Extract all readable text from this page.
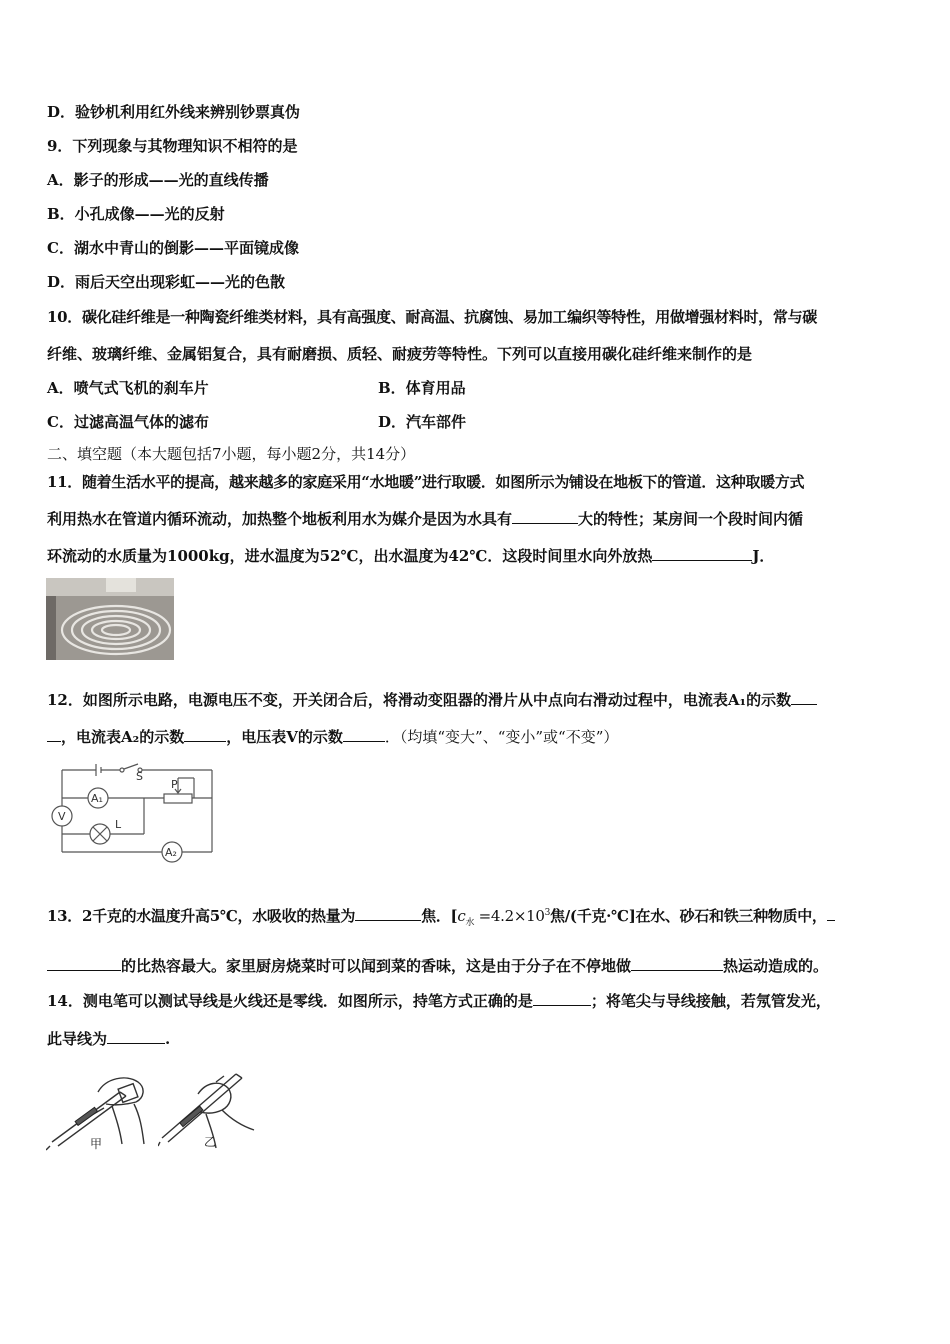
D．验钞机利用红外线来辨别钞票真伪
9．下列现象与其物理知识不相符的是
A．影子的形成——光的直线传播
B．小孔成像——光的反射
C．湖水中青山的倒影——平面镜成像
D．雨后天空出现彩虹——光的色散
10．碳化硅纤维是一种陶瓷纤维类材料，具有高强度、耐高温、抗腐蚀、易加工编织等特性，用做增强材料时，常与碳
纤维、玻璃纤维、金属铝复合，具有耐磨损、质轻、耐疲劳等特性。下列可以直接用碳化硅纤维来制作的是
A．喷气式飞机的刹车片	B．体育用品
C．过滤高温气体的滤布	D．汽车部件
二、填空题（本大题包括7小题，每小题2分，共14分）
11．随着生活水平的提高，越来越多的家庭采用“水地暖”进行取暖．如图所示为铺设在地板下的管道．这种取暖方式
利用热水在管道内循环流动，加热整个地板利用水为媒介是因为水具有	大的特性；某房间一个段时间内循
环流动的水质量为1000kg，进水温度为52℃，出水温度为42℃．这段时间里水向外放热	J．
12．如图所示电路，电源电压不变，开关闭合后，将滑动变阻器的滑片从中点向右滑动过程中，电流表A₁的示数
，电流表A₂的示数	，电压表V的示数	．（均填“变大”、“变小”或“不变”）
S
P
A₁
V
L
A₂
13．2千克的水温度升高5℃，水吸收的热量为	焦．[$c_水 =4.2\times 10^3$焦/(千克·℃]在水、砂石和铁三种物质中，
的比热容最大。家里厨房烧菜时可以闻到菜的香味，这是由于分子在不停地做	热运动造成的。
14．测电笔可以测试导线是火线还是零线．如图所示，持笔方式正确的是	；将笔尖与导线接触，若氖管发光，
此导线为	.
甲	乙
